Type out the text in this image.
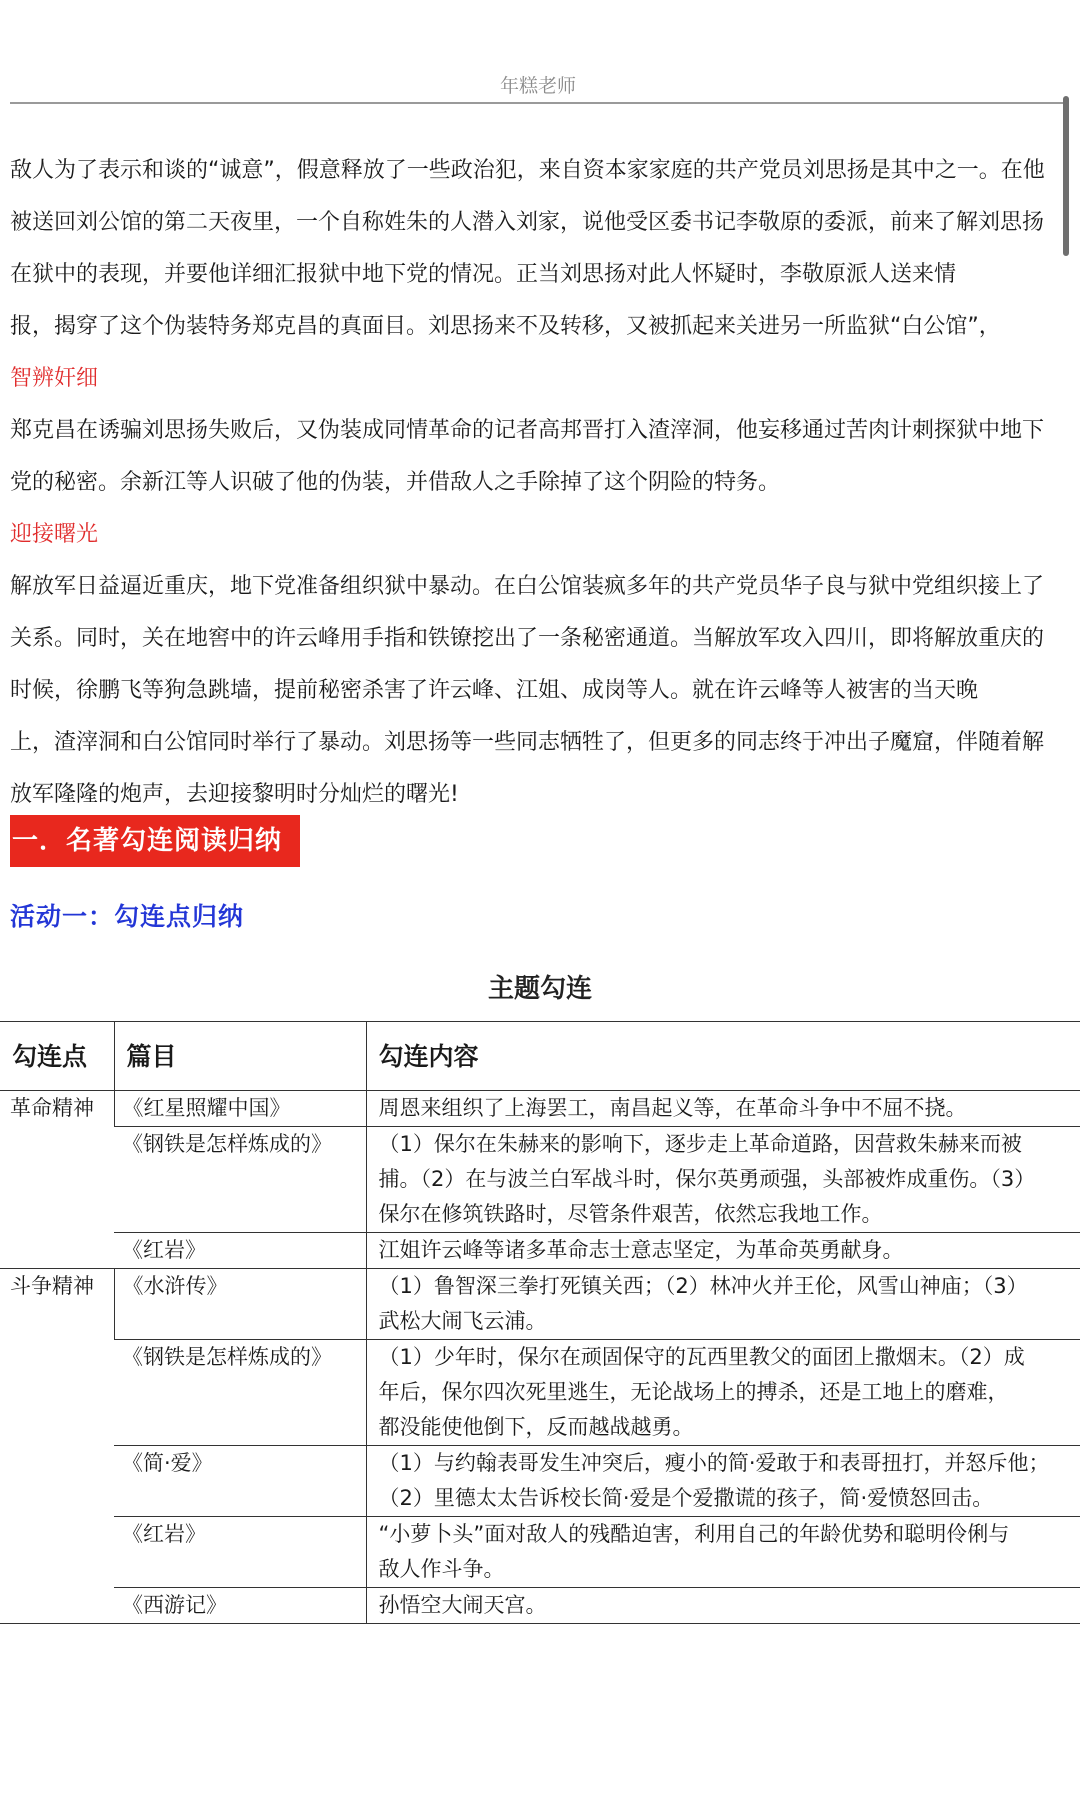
年糕老师

敌人为了表示和谈的“诚意”，假意释放了一些政治犯，来自资本家家庭的共产党员刘思扬是其中之一。在他

被送回刘公馆的第二天夜里，一个自称姓朱的人潜入刘家，说他受区委书记李敬原的委派，前来了解刘思扬

在狱中的表现，并要他详细汇报狱中地下党的情况。正当刘思扬对此人怀疑时，李敬原派人送来情

报，揭穿了这个伪装特务郑克昌的真面目。刘思扬来不及转移，又被抓起来关进另一所监狱“白公馆”，

智辨奸细

郑克昌在诱骗刘思扬失败后，又伪装成同情革命的记者高邦晋打入渣滓洞，他妄移通过苦肉计刺探狱中地下

党的秘密。余新江等人识破了他的伪装，并借敌人之手除掉了这个阴险的特务。

迎接曙光

解放军日益逼近重庆，地下党准备组织狱中暴动。在白公馆装疯多年的共产党员华子良与狱中党组织接上了

关系。同时，关在地窖中的许云峰用手指和铁镣挖出了一条秘密通道。当解放军攻入四川，即将解放重庆的

时候，徐鹏飞等狗急跳墙，提前秘密杀害了许云峰、江姐、成岗等人。就在许云峰等人被害的当天晚

上，渣滓洞和白公馆同时举行了暴动。刘思扬等一些同志牺牲了，但更多的同志终于冲出子魔窟，伴随着解

放军隆隆的炮声，去迎接黎明时分灿烂的曙光!

一．名著勾连阅读归纳
活动一：勾连点归纳
主题勾连
勾连点	篇目	勾连内容
革命精神	《红星照耀中国》	周恩来组织了上海罢工，南昌起义等，在革命斗争中不屈不挠。

	《钢铁是怎样炼成的》	（1）保尔在朱赫来的影响下，逐步走上革命道路，因营救朱赫来而被
捕。（2）在与波兰白军战斗时，保尔英勇顽强，头部被炸成重伤。（3）
保尔在修筑铁路时，尽管条件艰苦，依然忘我地工作。

	《红岩》	江姐许云峰等诸多革命志士意志坚定，为革命英勇献身。

斗争精神	《水浒传》	（1）鲁智深三拳打死镇关西；（2）林冲火并王伦，风雪山神庙；（3）
武松大闹飞云浦。

	《钢铁是怎样炼成的》	（1）少年时，保尔在顽固保守的瓦西里教父的面团上撒烟末。（2）成
年后，保尔四次死里逃生，无论战场上的搏杀，还是工地上的磨难，
都没能使他倒下，反而越战越勇。

	《简·爱》	（1）与约翰表哥发生冲突后，瘦小的简·爱敢于和表哥扭打，并怒斥他；
（2）里德太太告诉校长简·爱是个爱撒谎的孩子，简·爱愤怒回击。

	《红岩》	“小萝卜头”面对敌人的残酷迫害，利用自己的年龄优势和聪明伶俐与
敌人作斗争。

	《西游记》	孙悟空大闹天宫。
